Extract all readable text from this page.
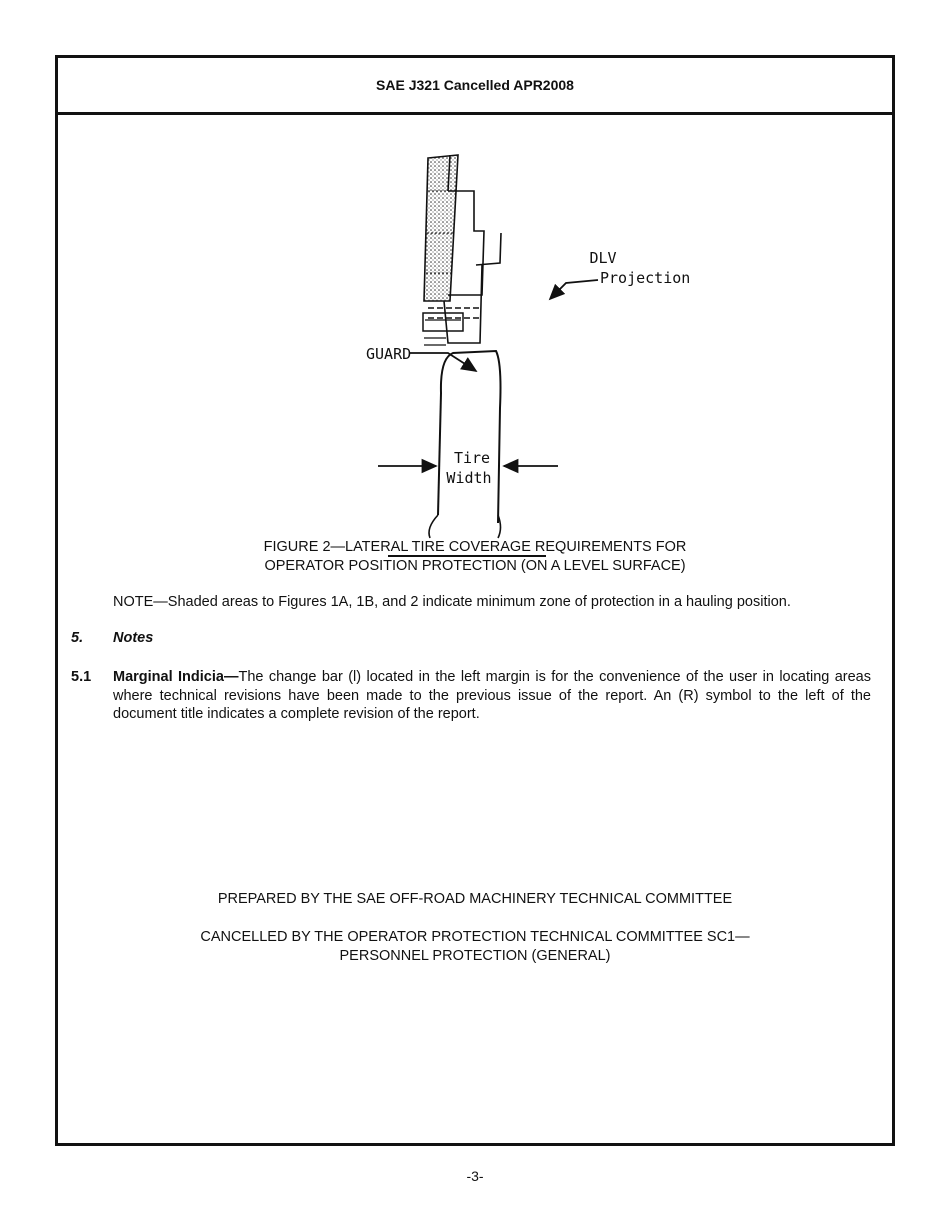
SAE J321 Cancelled APR2008
DLV
Projection
GUARD
Tire
Width
FIGURE 2—LATERAL TIRE COVERAGE REQUIREMENTS FOR
OPERATOR POSITION PROTECTION (ON A LEVEL SURFACE)
NOTE—Shaded areas to Figures 1A, 1B, and 2 indicate minimum zone of protection in a hauling position.
5. Notes
5.1	Marginal Indicia—The change bar (l) located in the left margin is for the convenience of the user in locating areas where technical revisions have been made to the previous issue of the report. An (R) symbol to the left of the document title indicates a complete revision of the report.
PREPARED BY THE SAE OFF-ROAD MACHINERY TECHNICAL COMMITTEE
CANCELLED BY THE OPERATOR PROTECTION TECHNICAL COMMITTEE SC1—
PERSONNEL PROTECTION (GENERAL)
-3-
